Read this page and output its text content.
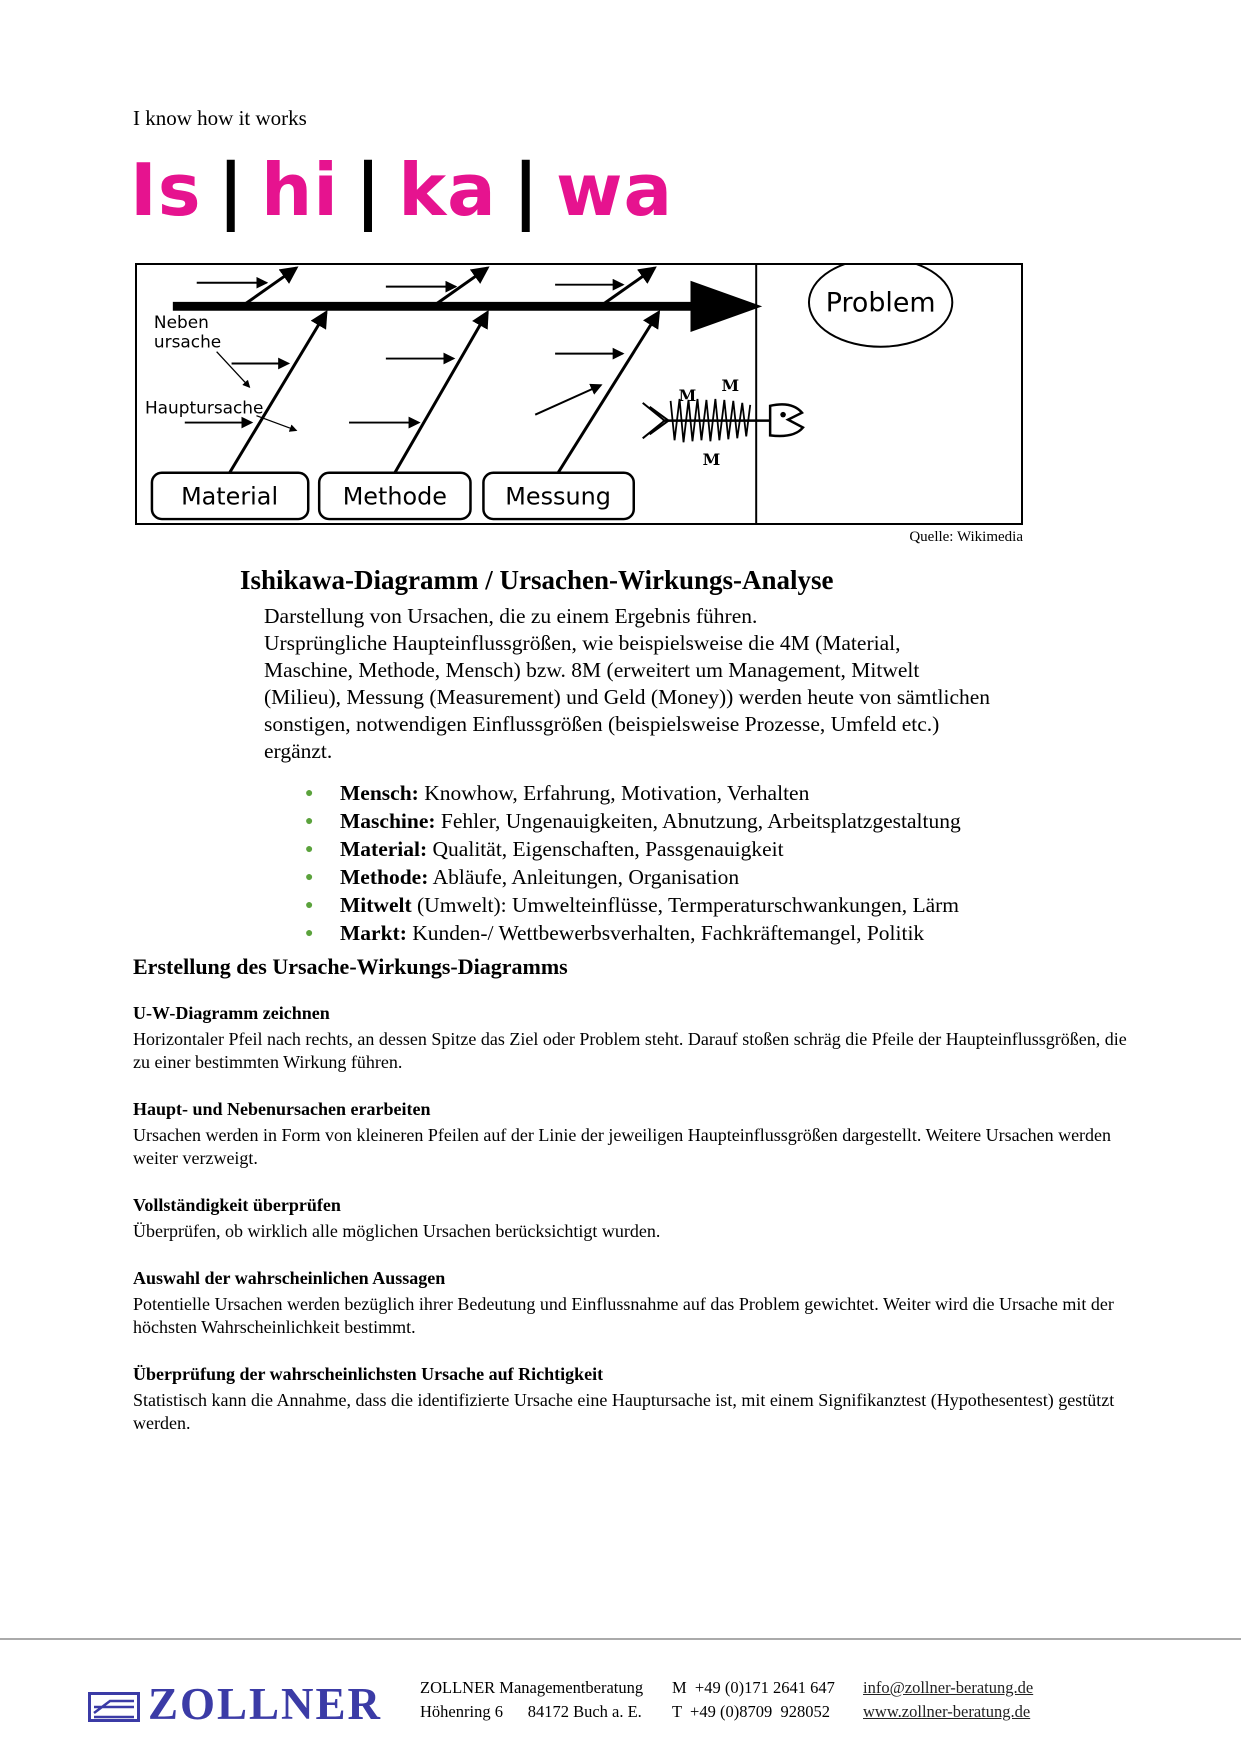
I know how it works
Is | hi | ka | wa
Problem
Neben
ursache
Hauptursache
M
M
M
Material	Methode Messung
Quelle: Wikimedia
Ishikawa-Diagramm / Ursachen-Wirkungs-Analyse
Darstellung von Ursachen, die zu einem Ergebnis führen.
Ursprüngliche Haupteinflussgrößen, wie beispielsweise die 4M (Material, Maschine, Methode, Mensch) bzw. 8M (erweitert um Management, Mitwelt (Milieu), Messung (Measurement) und Geld (Money)) werden heute von sämtlichen sonstigen, notwendigen Einflussgrößen (beispielsweise Prozesse, Umfeld etc.) ergänzt.
● Mensch: Knowhow, Erfahrung, Motivation, Verhalten
● Maschine: Fehler, Ungenauigkeiten, Abnutzung, Arbeitsplatzgestaltung
● Material: Qualität, Eigenschaften, Passgenauigkeit
● Methode: Abläufe, Anleitungen, Organisation
● Mitwelt (Umwelt): Umwelteinflüsse, Termperaturschwankungen, Lärm
● Markt: Kunden-/ Wettbewerbsverhalten, Fachkräftemangel, Politik
Erstellung des Ursache-Wirkungs-Diagramms
U-W-Diagramm zeichnen
Horizontaler Pfeil nach rechts, an dessen Spitze das Ziel oder Problem steht. Darauf stoßen schräg die Pfeile der Haupteinflussgrößen, die zu einer bestimmten Wirkung führen.
Haupt- und Nebenursachen erarbeiten
Ursachen werden in Form von kleineren Pfeilen auf der Linie der jeweiligen Haupteinflussgrößen dargestellt. Weitere Ursachen werden weiter verzweigt.
Vollständigkeit überprüfen
Überprüfen, ob wirklich alle möglichen Ursachen berücksichtigt wurden.
Auswahl der wahrscheinlichen Aussagen
Potentielle Ursachen werden bezüglich ihrer Bedeutung und Einflussnahme auf das Problem gewichtet. Weiter wird die Ursache mit der höchsten Wahrscheinlichkeit bestimmt.
Überprüfung der wahrscheinlichsten Ursache auf Richtigkeit
Statistisch kann die Annahme, dass die identifizierte Ursache eine Hauptursache ist, mit einem Signifikanztest (Hypothesentest) gestützt werden.
ZOLLNER ZOLLNER Managementberatung
Höhenring 6      84172 Buch a. E.
M  +49 (0)171 2641 647
T  +49 (0)8709  928052
info@zollner-beratung.de
www.zollner-beratung.de
